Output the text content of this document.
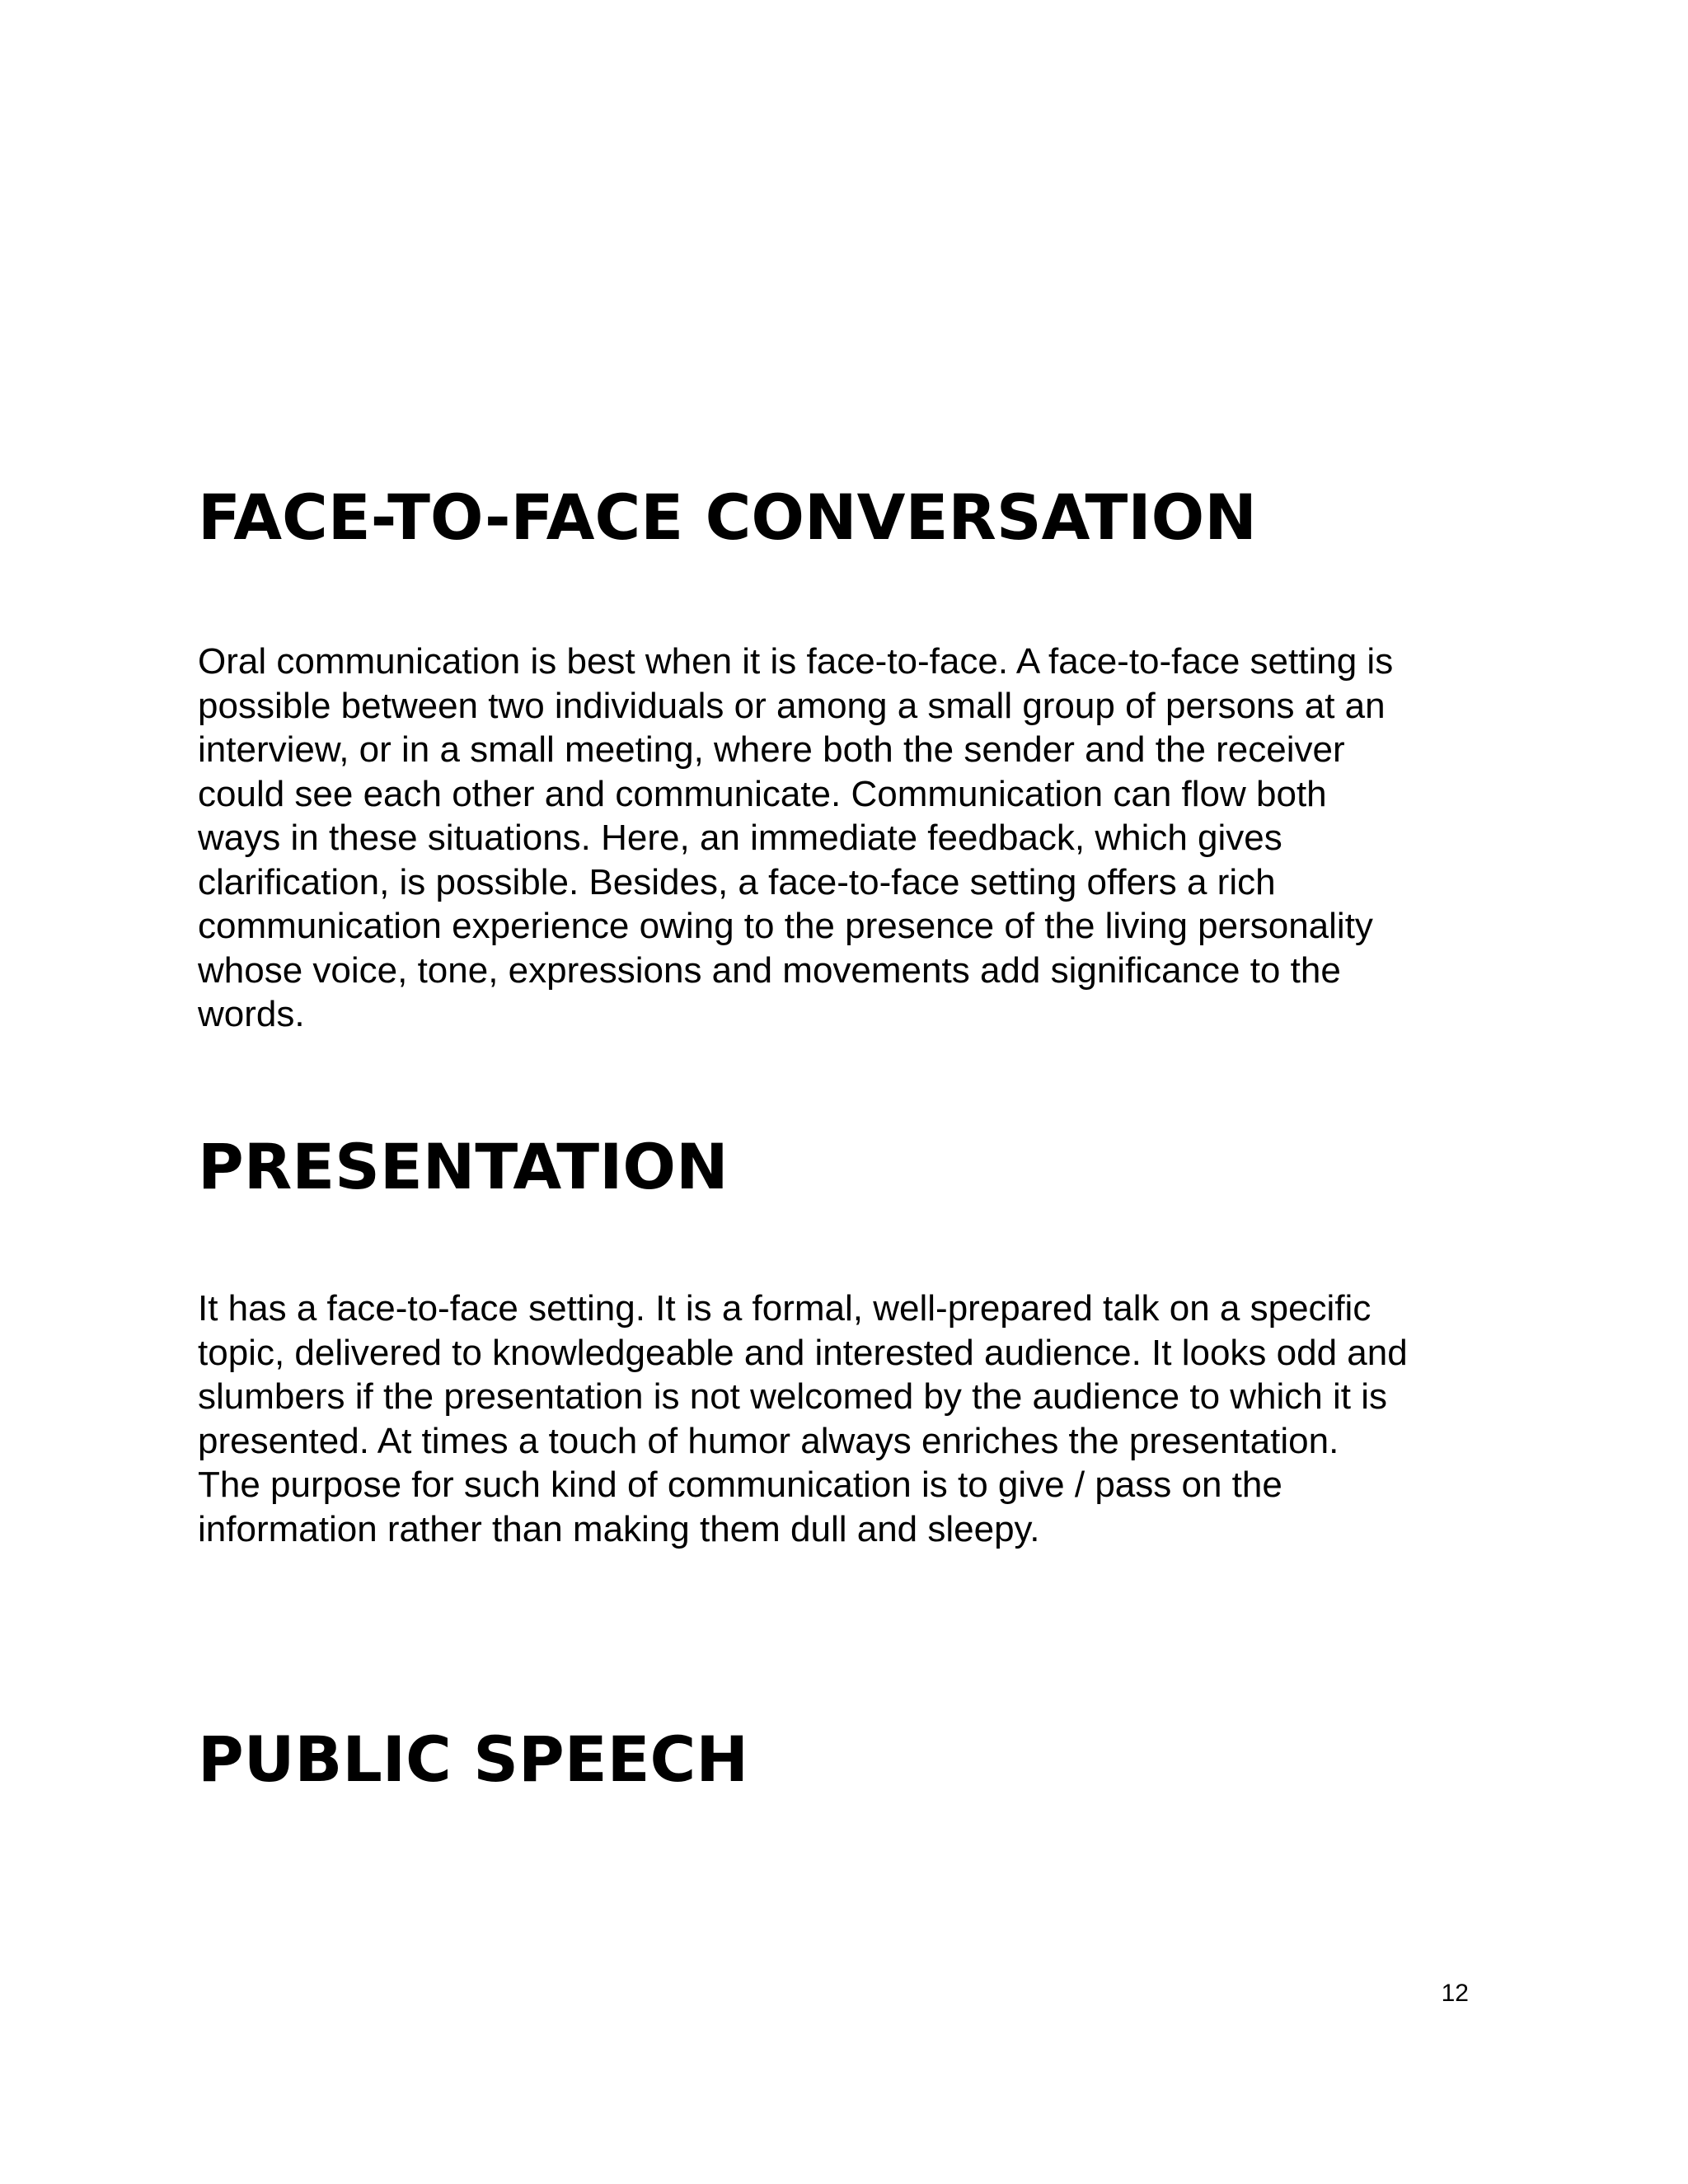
FACE-TO-FACE CONVERSATION
Oral communication is best when it is face-to-face. A face-to-face setting is
possible between two individuals or among a small group of persons at an
interview, or in a small meeting, where both the sender and the receiver
could see each other and communicate. Communication can flow both
ways in these situations. Here, an immediate feedback, which gives
clarification, is possible. Besides, a face-to-face setting offers a rich
communication experience owing to the presence of the living personality
whose voice, tone, expressions and movements add significance to the
words.
PRESENTATION
It has a face-to-face setting. It is a formal, well-prepared talk on a specific
topic, delivered to knowledgeable and interested audience. It looks odd and
slumbers if the presentation is not welcomed by the audience to which it is
presented. At times a touch of humor always enriches the presentation.
The purpose for such kind of communication is to give / pass on the
information rather than making them dull and sleepy.
PUBLIC SPEECH
12
